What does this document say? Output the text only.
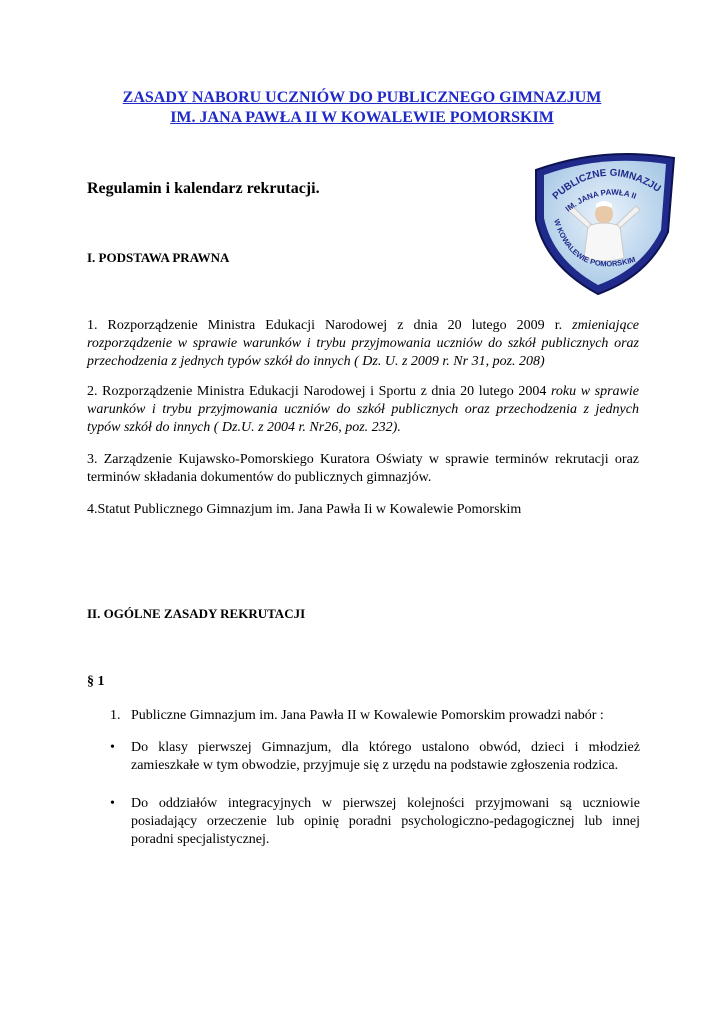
ZASADY NABORU UCZNIÓW DO PUBLICZNEGO GIMNAZJUM
IM. JANA PAWŁA II W KOWALEWIE POMORSKIM
PUBLICZNE GIMNAZJU
IM. JANA PAWŁA II
W KOWALEWIE POMORSKIM
Regulamin i kalendarz rekrutacji.
I. PODSTAWA PRAWNA
1. Rozporządzenie Ministra Edukacji Narodowej z dnia 20 lutego 2009 r. zmieniające rozporządzenie w sprawie warunków i trybu przyjmowania uczniów do szkół publicznych oraz przechodzenia z jednych typów szkół do innych ( Dz. U. z 2009 r. Nr 31, poz. 208)
2. Rozporządzenie Ministra Edukacji Narodowej i Sportu z dnia 20 lutego 2004 roku w sprawie warunków i trybu przyjmowania uczniów do szkół publicznych oraz przechodzenia z jednych typów szkół do innych ( Dz.U. z 2004 r. Nr26, poz. 232).
3. Zarządzenie Kujawsko-Pomorskiego Kuratora Oświaty w sprawie terminów rekrutacji oraz terminów składania dokumentów do publicznych gimnazjów.
4.Statut Publicznego Gimnazjum im. Jana Pawła Ii w Kowalewie Pomorskim
II. OGÓLNE ZASADY REKRUTACJI
§ 1
1. Publiczne Gimnazjum im. Jana Pawła II w Kowalewie Pomorskim prowadzi nabór :
• Do klasy pierwszej Gimnazjum, dla którego ustalono obwód, dzieci i młodzież zamieszkałe w tym obwodzie, przyjmuje się z urzędu na podstawie zgłoszenia rodzica.
• Do oddziałów integracyjnych w pierwszej kolejności przyjmowani są uczniowie posiadający orzeczenie lub opinię poradni psychologiczno-pedagogicznej lub innej poradni specjalistycznej.
